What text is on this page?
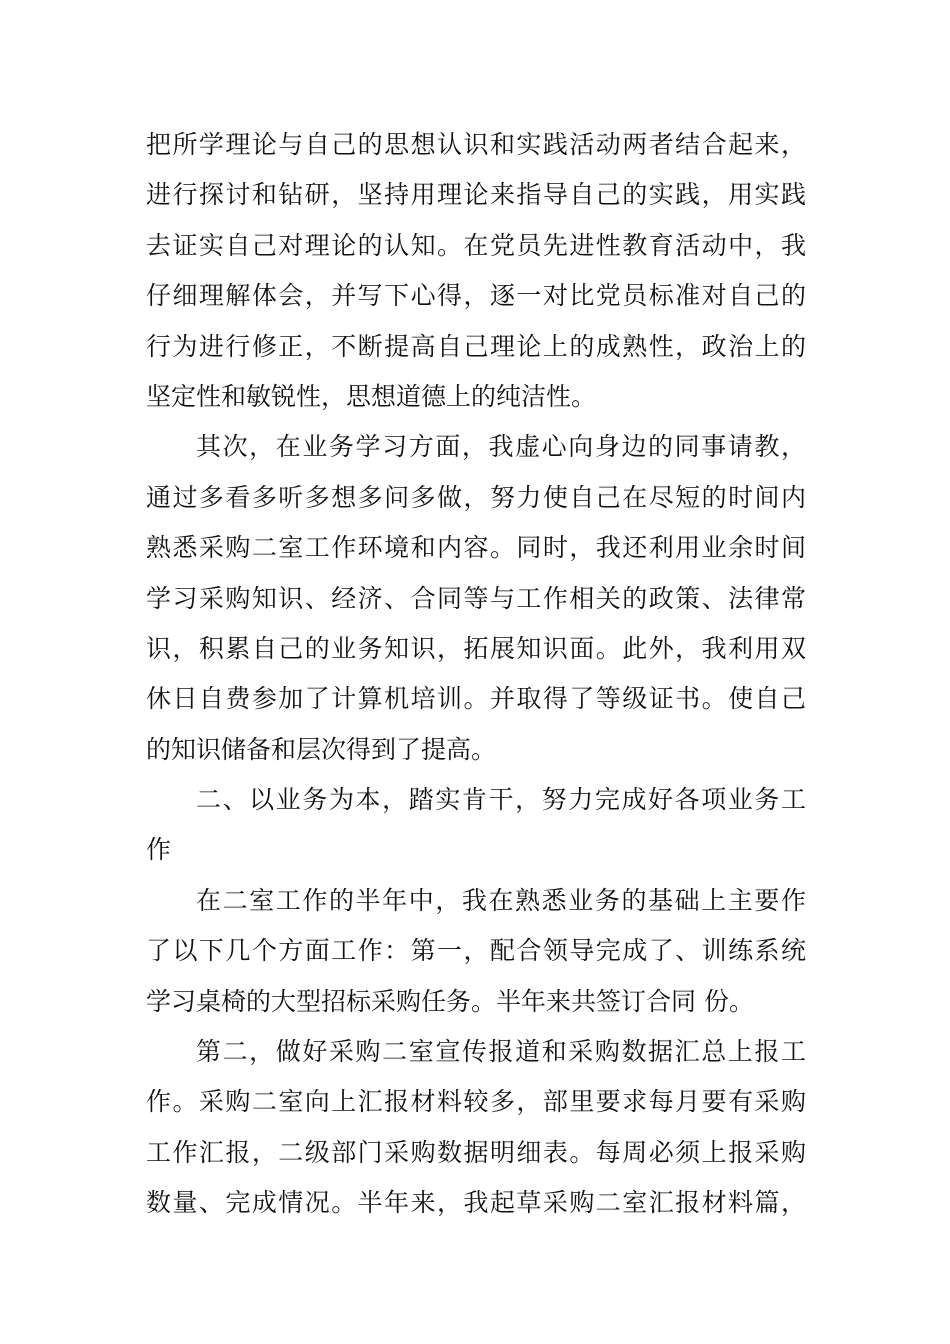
把所学理论与自己的思想认识和实践活动两者结合起来，
进行探讨和钻研，坚持用理论来指导自己的实践，用实践
去证实自己对理论的认知。在党员先进性教育活动中，我
仔细理解体会，并写下心得，逐一对比党员标准对自己的
行为进行修正，不断提高自己理论上的成熟性，政治上的
坚定性和敏锐性，思想道德上的纯洁性。

其次，在业务学习方面，我虚心向身边的同事请教，
通过多看多听多想多问多做，努力使自己在尽短的时间内
熟悉采购二室工作环境和内容。同时，我还利用业余时间
学习采购知识、经济、合同等与工作相关的政策、法律常
识，积累自己的业务知识，拓展知识面。此外，我利用双
休日自费参加了计算机培训。并取得了等级证书。使自己
的知识储备和层次得到了提高。

二、以业务为本，踏实肯干，努力完成好各项业务工
作

在二室工作的半年中，我在熟悉业务的基础上主要作
了以下几个方面工作：第一，配合领导完成了、训练系统
学习桌椅的大型招标采购任务。半年来共签订合同 份。

第二，做好采购二室宣传报道和采购数据汇总上报工
作。采购二室向上汇报材料较多，部里要求每月要有采购
工作汇报，二级部门采购数据明细表。每周必须上报采购
数量、完成情况。半年来，我起草采购二室汇报材料篇，
